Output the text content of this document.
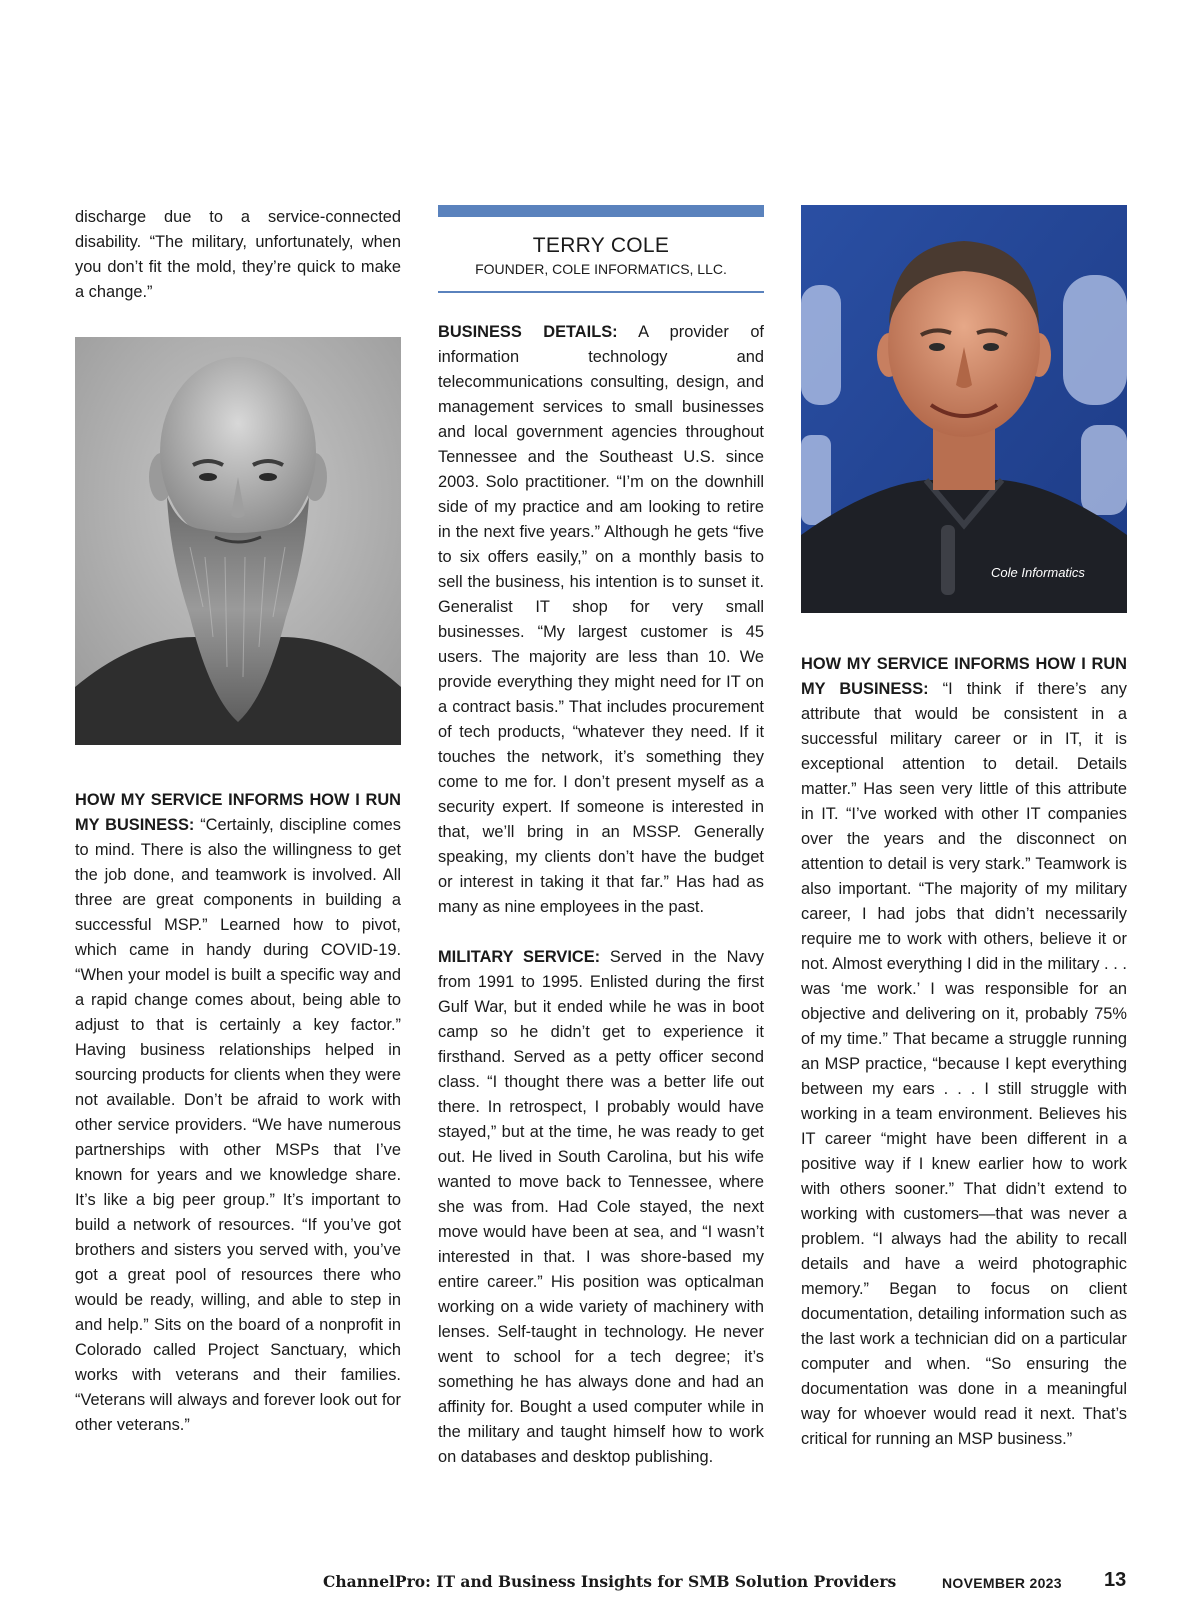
discharge due to a service-connected disability. “The military, unfortunately, when you don’t fit the mold, they’re quick to make a change.”

HOW MY SERVICE INFORMS HOW I RUN MY BUSINESS: “Certainly, discipline comes to mind. There is also the willingness to get the job done, and teamwork is involved. All three are great components in building a successful MSP.” Learned how to pivot, which came in handy during COVID-19. “When your model is built a specific way and a rapid change comes about, being able to adjust to that is certainly a key factor.” Having business relationships helped in sourcing products for clients when they were not available. Don’t be afraid to work with other service providers. “We have numerous partnerships with other MSPs that I’ve known for years and we knowledge share. It’s like a big peer group.” It’s important to build a network of resources. “If you’ve got brothers and sisters you served with, you’ve got a great pool of resources there who would be ready, willing, and able to step in and help.” Sits on the board of a nonprofit in Colorado called Project Sanctuary, which works with veterans and their families. “Veterans will always and forever look out for other veterans.”

TERRY COLE
FOUNDER, COLE INFORMATICS, LLC.

BUSINESS DETAILS: A provider of information technology and telecommunications consulting, design, and management services to small businesses and local government agencies throughout Tennessee and the Southeast U.S. since 2003. Solo practitioner. “I’m on the downhill side of my practice and am looking to retire in the next five years.” Although he gets “five to six offers easily,” on a monthly basis to sell the business, his intention is to sunset it. Generalist IT shop for very small businesses. “My largest customer is 45 users. The majority are less than 10. We provide everything they might need for IT on a contract basis.” That includes procurement of tech products, “whatever they need. If it touches the network, it’s something they come to me for. I don’t present myself as a security expert. If someone is interested in that, we’ll bring in an MSSP. Generally speaking, my clients don’t have the budget or interest in taking it that far.” Has had as many as nine employees in the past.

MILITARY SERVICE: Served in the Navy from 1991 to 1995. Enlisted during the first Gulf War, but it ended while he was in boot camp so he didn’t get to experience it firsthand. Served as a petty officer second class. “I thought there was a better life out there. In retrospect, I probably would have stayed,” but at the time, he was ready to get out. He lived in South Carolina, but his wife wanted to move back to Tennessee, where she was from. Had Cole stayed, the next move would have been at sea, and “I wasn’t interested in that. I was shore-based my entire career.” His position was opticalman working on a wide variety of machinery with lenses. Self-taught in technology. He never went to school for a tech degree; it’s something he has always done and had an affinity for. Bought a used computer while in the military and taught himself how to work on databases and desktop publishing.

Cole Informatics

HOW MY SERVICE INFORMS HOW I RUN MY BUSINESS: “I think if there’s any attribute that would be consistent in a successful military career or in IT, it is exceptional attention to detail. Details matter.” Has seen very little of this attribute in IT. “I’ve worked with other IT companies over the years and the disconnect on attention to detail is very stark.” Teamwork is also important. “The majority of my military career, I had jobs that didn’t necessarily require me to work with others, believe it or not. Almost everything I did in the military . . . was ‘me work.’ I was responsible for an objective and delivering on it, probably 75% of my time.” That became a struggle running an MSP practice, “because I kept everything between my ears . . . I still struggle with working in a team environment. Believes his IT career “might have been different in a positive way if I knew earlier how to work with others sooner.” That didn’t extend to working with customers—that was never a problem. “I always had the ability to recall details and have a weird photographic memory.” Began to focus on client documentation, detailing information such as the last work a technician did on a particular computer and when. “So ensuring the documentation was done in a meaningful way for whoever would read it next. That’s critical for running an MSP business.”

ChannelPro: IT and Business Insights for SMB Solution Providers	NOVEMBER 2023 13
